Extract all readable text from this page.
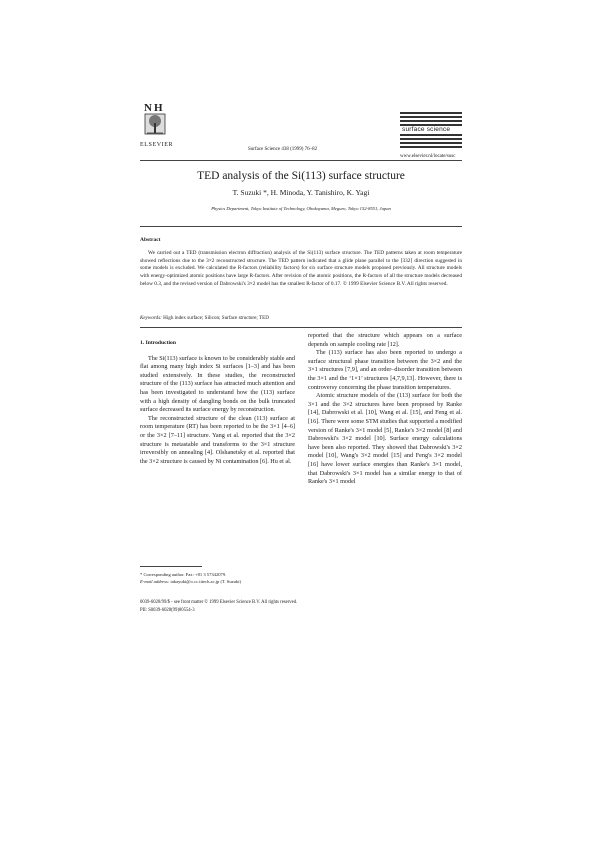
N H
ELSEVIER
Surface Science 438 (1999) 76–82
surface science
www.elsevier.nl/locate/susc
TED analysis of the Si(113) surface structure
T. Suzuki *, H. Minoda, Y. Tanishiro, K. Yagi
Physics Department, Tokyo Institute of Technology, Ohokayama, Meguro, Tokyo 152-8551, Japan
Abstract
We carried out a TED (transmission electron diffraction) analysis of the Si(113) surface structure. The TED patterns taken at room temperature showed reflections due to the 3×2 reconstructed structure. The TED pattern indicated that a glide plane parallel to the ⟨332⟩ direction suggested in some models is excluded. We calculated the R-factors (reliability factors) for six surface structure models proposed previously. All structure models with energy-optimized atomic positions have large R-factors. After revision of the atomic positions, the R-factors of all the structure models decreased below 0.3, and the revised version of Dabrowski's 3×2 model has the smallest R-factor of 0.17. © 1999 Elsevier Science B.V. All rights reserved.
Keywords: High index surface; Silicon; Surface structure; TED

1. Introduction

The Si(113) surface is known to be considerably stable and flat among many high index Si surfaces [1–3] and has been studied extensively. In these studies, the reconstructed structure of the (113) surface has attracted much attention and has been investigated to understand how the (113) surface with a high density of dangling bonds on the bulk truncated surface decreased its surface energy by reconstruction.

The reconstructed structure of the clean (113) surface at room temperature (RT) has been reported to be the 3×1 [4–6] or the 3×2 [7–11] structure. Yang et al. reported that the 3×2 structure is metastable and transforms to the 3×1 structure irreversibly on annealing [4]. Olshanetsky et al. reported that the 3×2 structure is caused by Ni contamination [6]. Hu et al.

reported that the structure which appears on a surface depends on sample cooling rate [12].

The (113) surface has also been reported to undergo a surface structural phase transition between the 3×2 and the 3×1 structures [7,9], and an order–disorder transition between the 3×1 and the ‘1×1’ structures [4,7,9,13]. However, there is controversy concerning the phase transition temperatures.

Atomic structure models of the (113) surface for both the 3×1 and the 3×2 structures have been proposed by Ranke [14], Dabrowski et al. [10], Wang et al. [15], and Feng et al. [16]. There were some STM studies that supported a modified version of Ranke's 3×1 model [5], Ranke's 3×2 model [8] and Dabrowski's 3×2 model [10]. Surface energy calculations have been also reported. They showed that Dabrowski's 3×2 model [10], Wang's 3×2 model [15] and Feng's 3×2 model [16] have lower surface energies than Ranke's 3×1 model, that Dabrowski's 3×1 model has a similar energy to that of Ranke's 3×1 model

* Corresponding author. Fax: +81 3 57342079.
E-mail address: takayuki@o.cc.titech.ac.jp (T. Suzuki)
0039-6028/99/$ - see front matter © 1999 Elsevier Science B.V. All rights reserved.
PII: S0039-6028(99)00554-3
